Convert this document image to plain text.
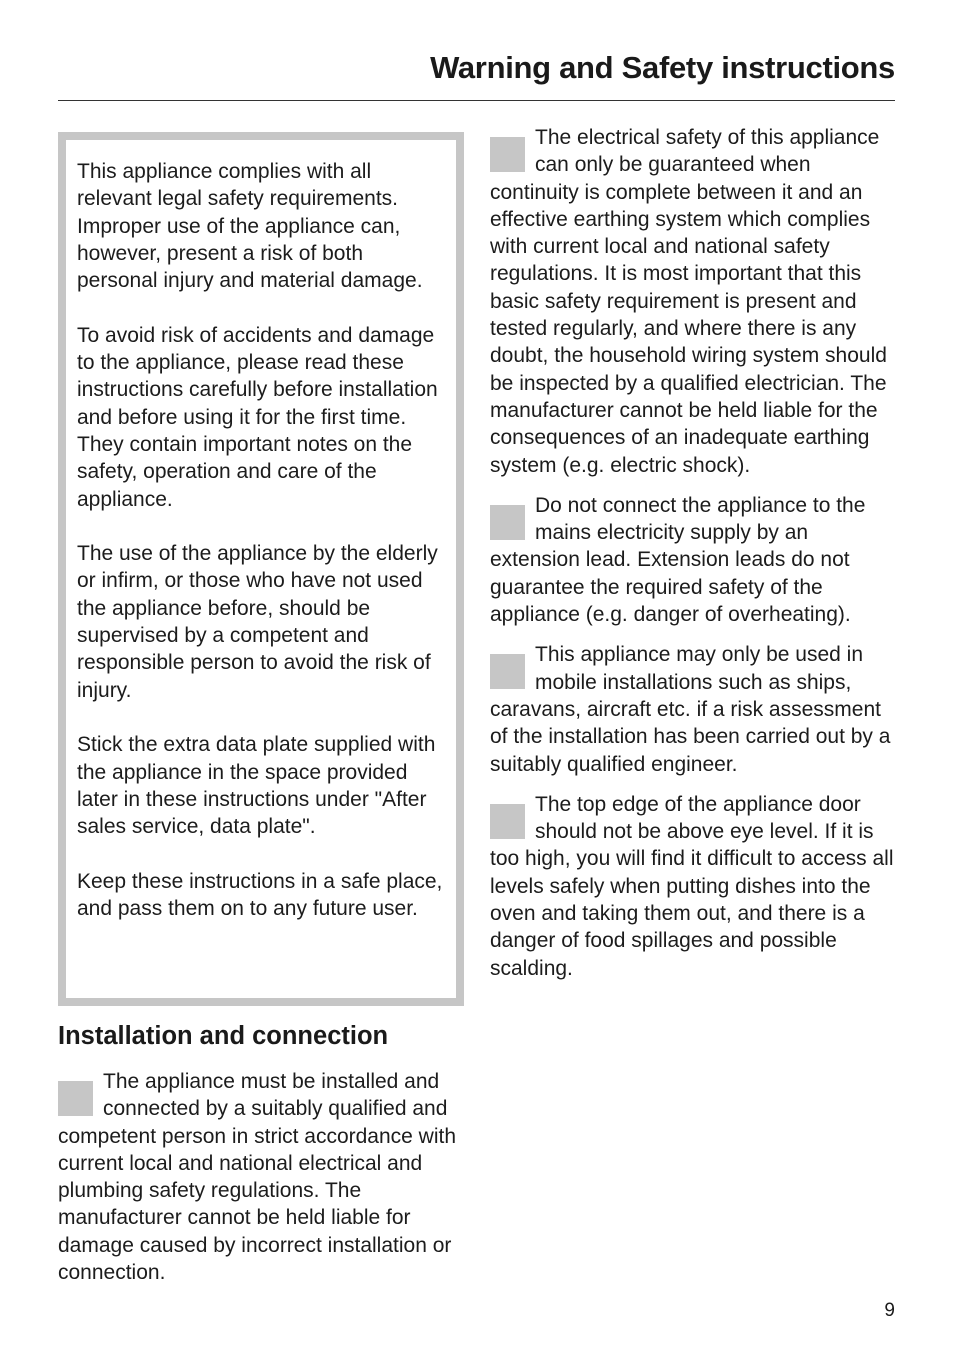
Warning and Safety instructions

This appliance complies with all relevant legal safety requirements. Improper use of the appliance can, however, present a risk of both personal injury and material damage.

To avoid risk of accidents and damage to the appliance, please read these instructions carefully before installation and before using it for the first time. They contain important notes on the safety, operation and care of the appliance.

The use of the appliance by the elderly or infirm, or those who have not used the appliance before, should be supervised by a competent and responsible person to avoid the risk of injury.

Stick the extra data plate supplied with the appliance in the space provided later in these instructions under "After sales service, data plate".

Keep these instructions in a safe place, and pass them on to any future user.

Installation and connection

The appliance must be installed and connected by a suitably qualified and competent person in strict accordance with current local and national electrical and plumbing safety regulations. The manufacturer cannot be held liable for damage caused by incorrect installation or connection.

The electrical safety of this appliance can only be guaranteed when continuity is complete between it and an effective earthing system which complies with current local and national safety regulations. It is most important that this basic safety requirement is present and tested regularly, and where there is any doubt, the household wiring system should be inspected by a qualified electrician. The manufacturer cannot be held liable for the consequences of an inadequate earthing system (e.g. electric shock).

Do not connect the appliance to the mains electricity supply by an extension lead. Extension leads do not guarantee the required safety of the appliance (e.g. danger of overheating).

This appliance may only be used in mobile installations such as ships, caravans, aircraft etc. if a risk assessment of the installation has been carried out by a suitably qualified engineer.

The top edge of the appliance door should not be above eye level. If it is too high, you will find it difficult to access all levels safely when putting dishes into the oven and taking them out, and there is a danger of food spillages and possible scalding.

9
